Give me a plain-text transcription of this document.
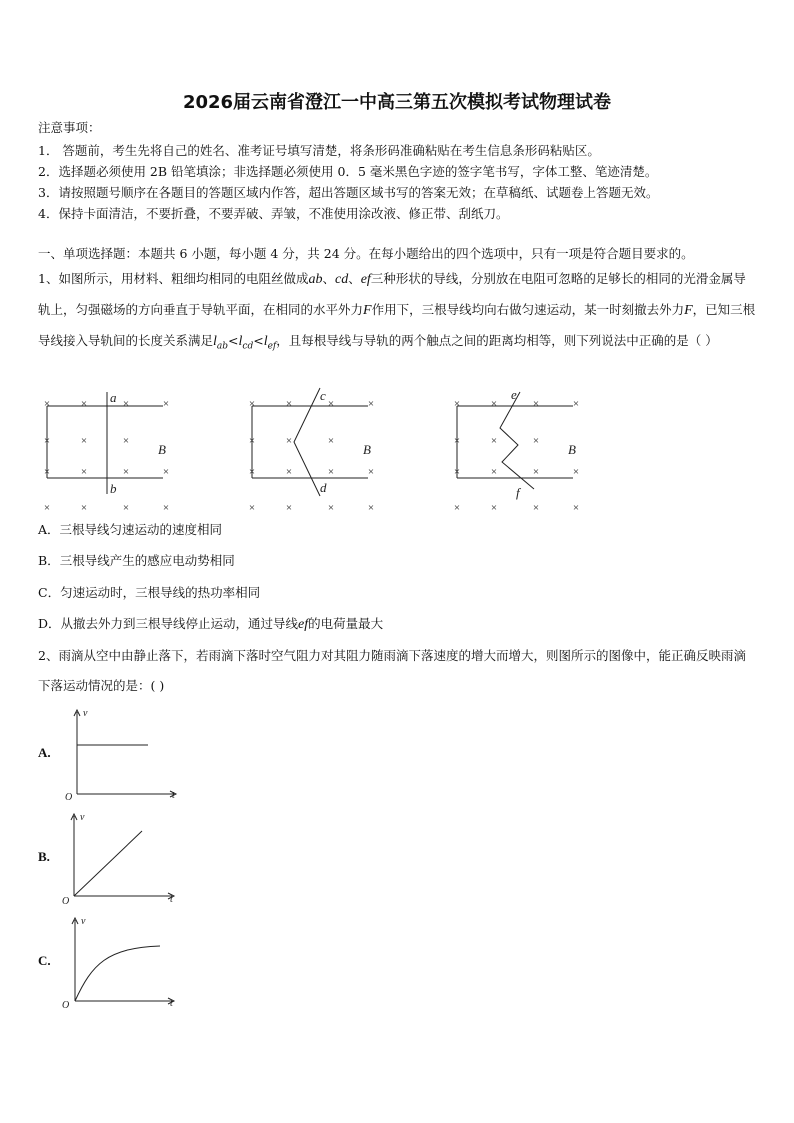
2026届云南省澄江一中高三第五次模拟考试物理试卷
注意事项：
1． 答题前，考生先将自己的姓名、准考证号填写清楚，将条形码准确粘贴在考生信息条形码粘贴区。
2．选择题必须使用 2B 铅笔填涂；非选择题必须使用 0．5 毫米黑色字迹的签字笔书写，字体工整、笔迹清楚。
3．请按照题号顺序在各题目的答题区域内作答，超出答题区域书写的答案无效；在草稿纸、试题卷上答题无效。
4．保持卡面清洁，不要折叠，不要弄破、弄皱，不准使用涂改液、修正带、刮纸刀。
一、单项选择题：本题共 6 小题，每小题 4 分，共 24 分。在每小题给出的四个选项中，只有一项是符合题目要求的。
1、如图所示，用材料、粗细均相同的电阻丝做成ab、cd、ef三种形状的导线，分别放在电阻可忽略的足够长的相同的光滑金属导轨上，匀强磁场的方向垂直于导轨平面，在相同的水平外力F作用下，三根导线均向右做匀速运动，某一时刻撤去外力F，已知三根导线接入导轨间的长度关系满足$l_{ab}<l_{cd}<l_{ef}$，且每根导线与导轨的两个触点之间的距离均相等，则下列说法中正确的是（ ）
×	×	×	×
×	×	×
×	×	×	×
×	×	×	×
×	×	×	×
×	×	×
×	×	×	×
×	×	×	×
×	×	×	×
×	×	×
×	×	×	×
×	×	×	×
a
b
B
c
d
B
e
f
B
A．三根导线匀速运动的速度相同
B．三根导线产生的感应电动势相同
C．匀速运动时，三根导线的热功率相同
D．从撤去外力到三根导线停止运动，通过导线ef的电荷量最大
2、雨滴从空中由静止落下，若雨滴下落时空气阻力对其阻力随雨滴下落速度的增大而增大，则图所示的图像中，能正确反映雨滴下落运动情况的是：( )
A.
B.
C.
v
t
O
v
t
O
v
t
O
